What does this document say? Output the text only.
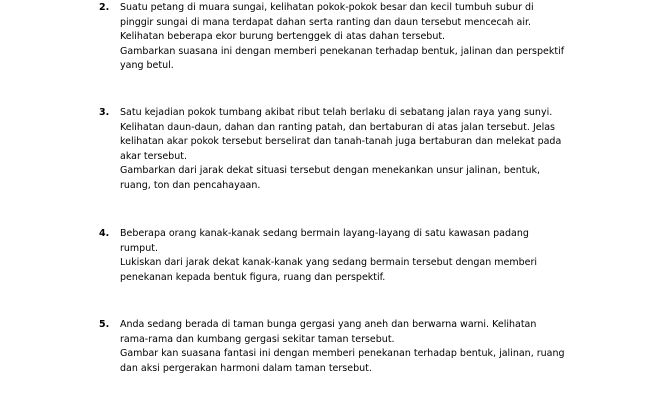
2.	Suatu petang di muara sungai, kelihatan pokok-pokok besar dan kecil tumbuh subur di
pinggir sungai di mana terdapat dahan serta ranting dan daun tersebut mencecah air.
Kelihatan beberapa ekor burung bertenggek di atas dahan tersebut.
Gambarkan suasana ini dengan memberi penekanan terhadap bentuk, jalinan dan perspektif
yang betul.
3.	Satu kejadian pokok tumbang akibat ribut telah berlaku di sebatang jalan raya yang sunyi.
Kelihatan daun-daun, dahan dan ranting patah, dan bertaburan di atas jalan tersebut. Jelas
kelihatan akar pokok tersebut berselirat dan tanah-tanah juga bertaburan dan melekat pada
akar tersebut.
Gambarkan dari jarak dekat situasi tersebut dengan menekankan unsur jalinan, bentuk,
ruang, ton dan pencahayaan.
4.	Beberapa orang kanak-kanak sedang bermain layang-layang di satu kawasan padang
rumput.
Lukiskan dari jarak dekat kanak-kanak yang sedang bermain tersebut dengan memberi
penekanan kepada bentuk figura, ruang dan perspektif.
5.	Anda sedang berada di taman bunga gergasi yang aneh dan berwarna warni. Kelihatan
rama-rama dan kumbang gergasi sekitar taman tersebut.
Gambar kan suasana fantasi ini dengan memberi penekanan terhadap bentuk, jalinan, ruang
dan aksi pergerakan harmoni dalam taman tersebut.
